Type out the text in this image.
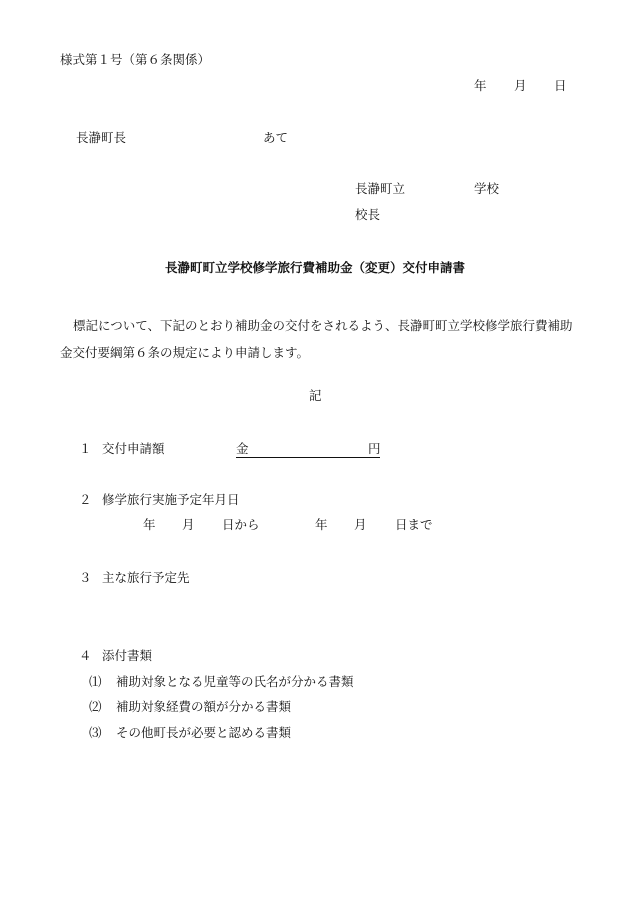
様式第１号（第６条関係）
年 月 日
長瀞町長	あて
長瀞町立	学校
校長
長瀞町町立学校修学旅行費補助金（変更）交付申請書
標記について、下記のとおり補助金の交付をされるよう、長瀞町町立学校修学旅行費補助金交付要綱第６条の規定により申請します。
記
１ 交付申請額	金	円
２ 修学旅行実施予定年月日
年 月 日から	年 月 日まで
３ 主な旅行予定先
４ 添付書類
⑴ 補助対象となる児童等の氏名が分かる書類
⑵ 補助対象経費の額が分かる書類
⑶ その他町長が必要と認める書類
